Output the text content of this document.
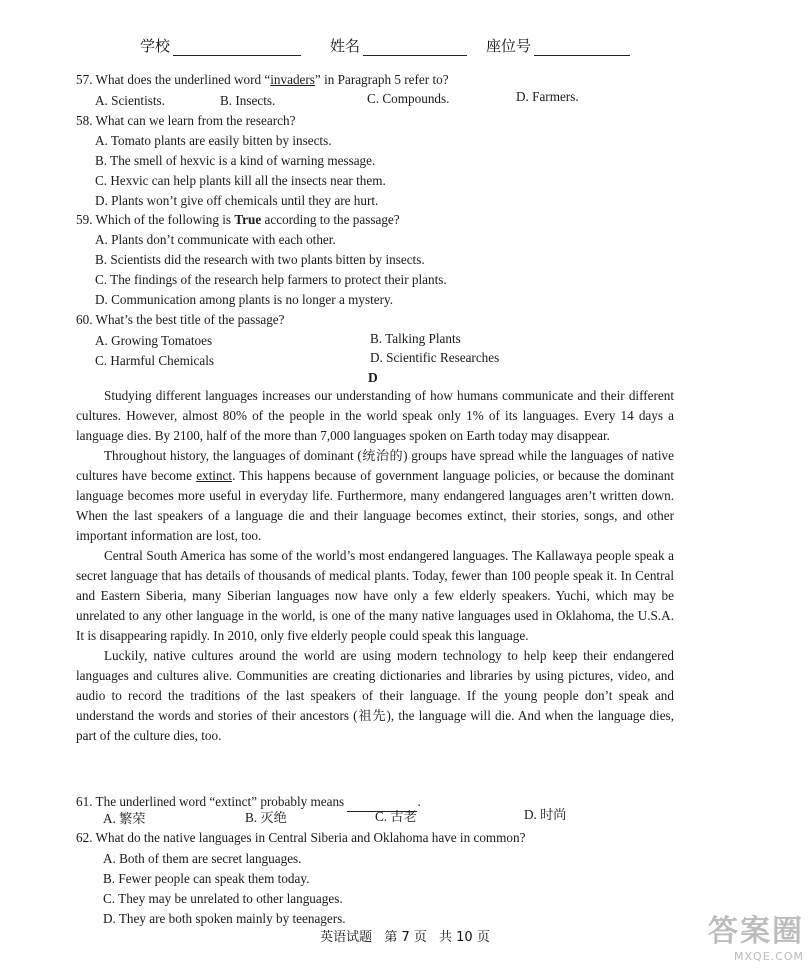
学校	姓名	座位号
57. What does the underlined word “invaders” in Paragraph 5 refer to?
A. Scientists.	B. Insects.	C. Compounds.	D. Farmers.
58. What can we learn from the research?
A. Tomato plants are easily bitten by insects.
B. The smell of hexvic is a kind of warning message.
C. Hexvic can help plants kill all the insects near them.
D. Plants won’t give off chemicals until they are hurt.
59. Which of the following is True according to the passage?
A. Plants don’t communicate with each other.
B. Scientists did the research with two plants bitten by insects.
C. The findings of the research help farmers to protect their plants.
D. Communication among plants is no longer a mystery.
60. What’s the best title of the passage?
A. Growing Tomatoes	B. Talking Plants
C. Harmful Chemicals	D. Scientific Researches
D

Studying different languages increases our understanding of how humans communicate and their different cultures. However, almost 80% of the people in the world speak only 1% of its languages. Every 14 days a language dies. By 2100, half of the more than 7,000 languages spoken on Earth today may disappear.

Throughout history, the languages of dominant (统治的) groups have spread while the languages of native cultures have become extinct. This happens because of government language policies, or because the dominant language becomes more useful in everyday life. Furthermore, many endangered languages aren’t written down. When the last speakers of a language die and their language becomes extinct, their stories, songs, and other important information are lost, too.

Central South America has some of the world’s most endangered languages. The Kallawaya people speak a secret language that has details of thousands of medical plants. Today, fewer than 100 people speak it. In Central and Eastern Siberia, many Siberian languages now have only a few elderly speakers. Yuchi, which may be unrelated to any other language in the world, is one of the many native languages used in Oklahoma, the U.S.A. It is disappearing rapidly. In 2010, only five elderly people could speak this language.

Luckily, native cultures around the world are using modern technology to help keep their endangered languages and cultures alive. Communities are creating dictionaries and libraries by using pictures, video, and audio to record the traditions of the last speakers of their language. If the young people don’t speak and understand the words and stories of their ancestors (祖先), the language will die. And when the language dies, part of the culture dies, too.

61. The underlined word “extinct” probably means	.
A. 繁荣	B. 灭绝	C. 古老	D. 时尚
62. What do the native languages in Central Siberia and Oklahoma have in common?
A. Both of them are secret languages.
B. Fewer people can speak them today.
C. They may be unrelated to other languages.
D. They are both spoken mainly by teenagers.
英语试题 第 7 页 共 10 页	答案圈
MXQE.COM
